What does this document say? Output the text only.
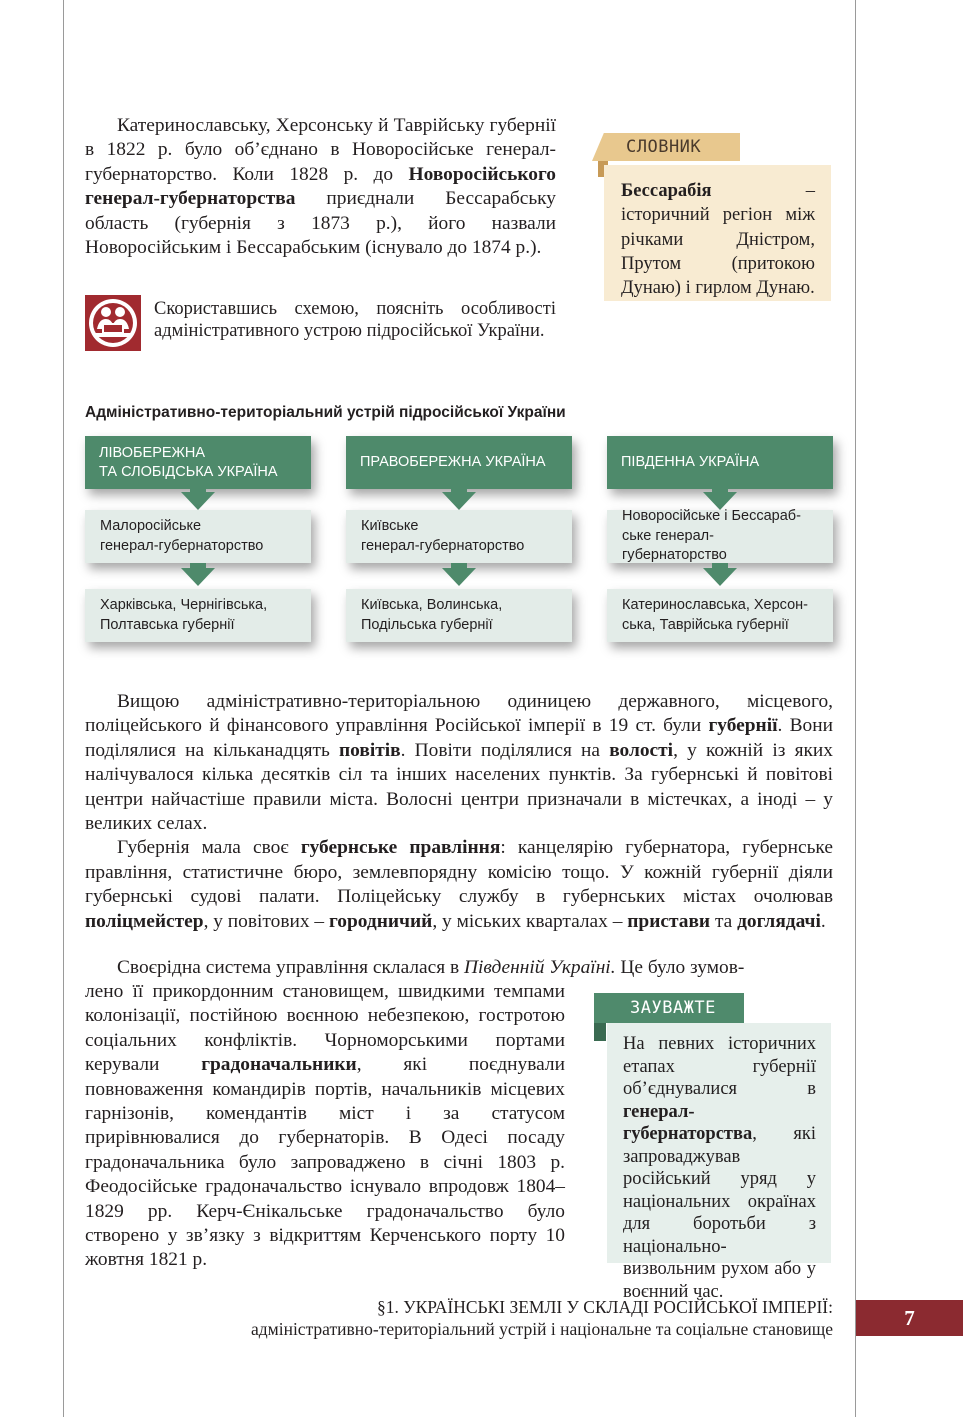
Катеринославську, Херсонську й Таврійську губернії в 1822 р. було об’єднано в Новоросійське генерал-губернаторство. Коли 1828 р. до Новоросійського генерал-губернаторства приєднали Бессарабську область (губернія з 1873 р.), його назвали Новоросійським і Бессарабським (існувало до 1874 р.).

Скориставшись схемою, поясніть особливості адміністративного устрою підросійської України.

СЛОВНИК

Бессарабія – історичний регіон між річками Дністром, Прутом (притокою Дунаю) і гирлом Дунаю.

Адміністративно-територіальний устрій підросійської України

ЛІВОБЕРЕЖНА
ТА СЛОБІДСЬКА УКРАЇНА
Малоросійське
генерал-губернаторство
Харківська, Чернігівська,
Полтавська губернії
ПРАВОБЕРЕЖНА УКРАЇНА
Київське
генерал-губернаторство
Київська, Волинська,
Подільська губернії
ПІВДЕННА УКРАЇНА
Новоросійське і Бессараб-
ське генерал-губернаторство
Катеринославська, Херсон-
ська, Таврійська губернії

Вищою адміністративно-територіальною одиницею державного, місцевого, поліцейського й фінансового управління Російської імперії в 19 ст. були губернії. Вони поділялися на кільканадцять повітів. Повіти поділялися на волості, у кожній із яких налічувалося кілька десятків сіл та інших населених пунктів. За губернські й повітові центри найчастіше правили міста. Волосні центри призначали в містечках, а іноді – у великих селах.

Губернія мала своє губернське правління: канцелярію губернатора, губернське правління, статистичне бюро, землевпорядну комісію тощо. У кожній губернії діяли губернські судові палати. Поліцейську службу в губернських містах очолював поліцмейстер, у повітових – городничий, у міських кварталах – пристави та доглядачі.

Своєрідна система управління склалася в Південній Україні. Це було зумов-

лено її прикордонним становищем, швидкими темпами колонізації, постійною воєнною небезпекою, гостротою соціальних конфліктів. Чорноморськими портами керували градоначальники, які поєднували повноваження командирів портів, начальників місцевих гарнізонів, комендантів міст і за статусом прирівнювалися до губернаторів. В Одесі посаду градоначальника було запроваджено в січні 1803 р. Феодосійське градоначальство існувало впродовж 1804–1829 рр. Керч-Єнікальське градоначальство було створено у зв’язку з відкриттям Керченського порту 10 жовтня 1821 р.

ЗАУВАЖТЕ

На певних історичних етапах губернії об’єднувалися в генерал-губернаторства, які запроваджував російський уряд у національних окраїнах для боротьби з національно-визвольним рухом або у воєнний час.

§1. УКРАЇНСЬКІ ЗЕМЛІ У СКЛАДІ РОСІЙСЬКОЇ ІМПЕРІЇ:
адміністративно-територіальний устрій і національне та соціальне становище	7
